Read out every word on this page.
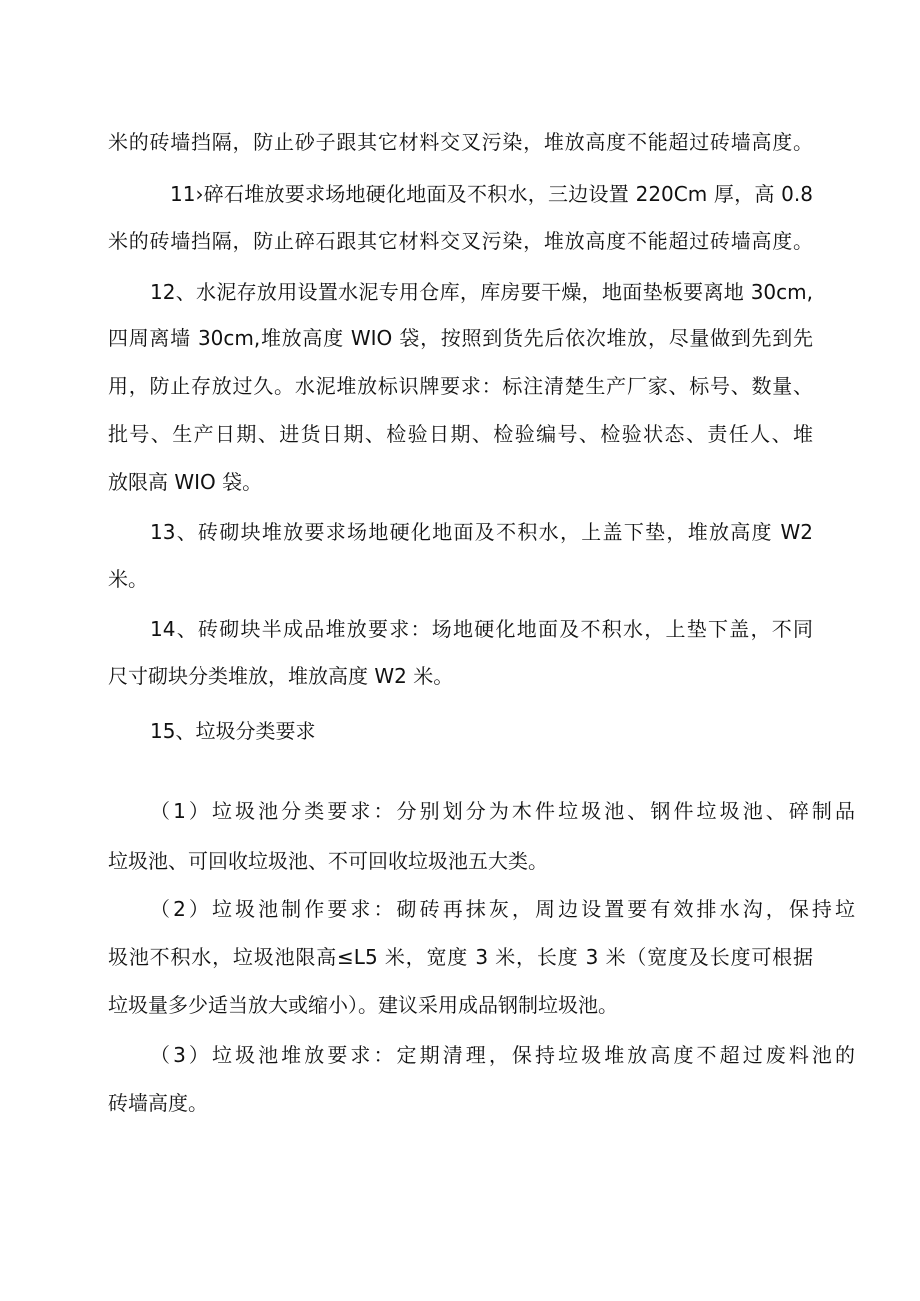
米的砖墙挡隔，防止砂子跟其它材料交叉污染，堆放高度不能超过砖墙高度。
11›碎石堆放要求场地硬化地面及不积水，三边设置 220Cm 厚，高 0.8
米的砖墙挡隔，防止碎石跟其它材料交叉污染，堆放高度不能超过砖墙高度。
12、水泥存放用设置水泥专用仓库，库房要干燥，地面垫板要离地 30cm,
四周离墙 30cm,堆放高度 WIO 袋，按照到货先后依次堆放，尽量做到先到先
用，防止存放过久。水泥堆放标识牌要求：标注清楚生产厂家、标号、数量、
批号、生产日期、进货日期、检验日期、检验编号、检验状态、责任人、堆
放限高 WIO 袋。
13、砖砌块堆放要求场地硬化地面及不积水，上盖下垫，堆放高度 W2
米。
14、砖砌块半成品堆放要求：场地硬化地面及不积水，上垫下盖，不同
尺寸砌块分类堆放，堆放高度 W2 米。
15、垃圾分类要求
（1）垃圾池分类要求：分别划分为木件垃圾池、钢件垃圾池、碎制品
垃圾池、可回收垃圾池、不可回收垃圾池五大类。
（2）垃圾池制作要求：砌砖再抹灰，周边设置要有效排水沟，保持垃
圾池不积水，垃圾池限高≤L5 米，宽度 3 米，长度 3 米（宽度及长度可根据
垃圾量多少适当放大或缩小）。建议采用成品钢制垃圾池。
（3）垃圾池堆放要求：定期清理，保持垃圾堆放高度不超过废料池的
砖墙高度。
